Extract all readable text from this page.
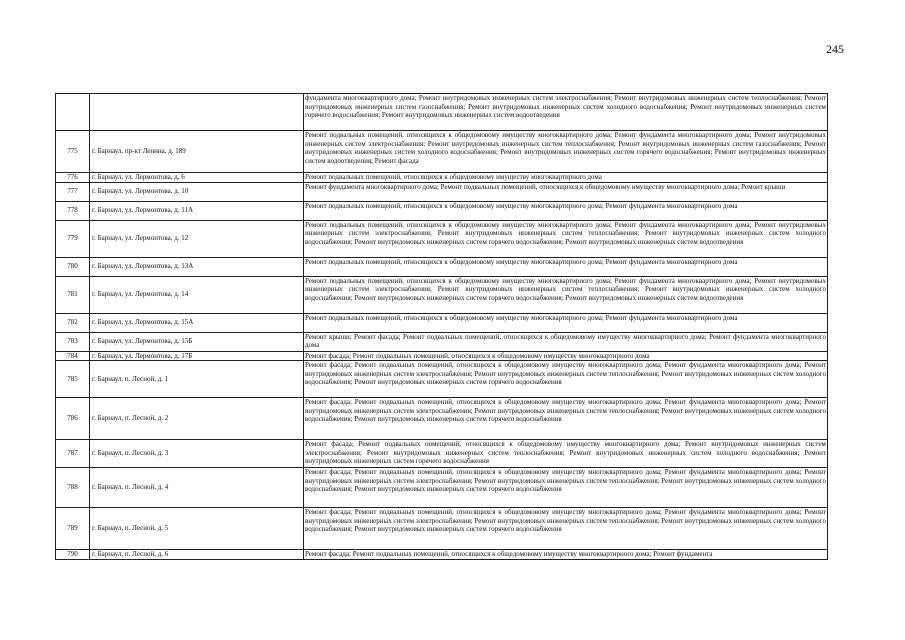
245
		фундамента многоквартирного дома; Ремонт внутридомовых инженерных систем электроснабжения; Ремонт внутридомовых инженерных систем теплоснабжения; Ремонт внутридомовых инженерных систем газоснабжения; Ремонт внутридомовых инженерных систем холодного водоснабжения; Ремонт внутридомовых инженерных систем горячего водоснабжения; Ремонт внутридомовых инженерных систем водоотведения
775	г. Барнаул, пр-кт Ленина, д. 189	Ремонт подвальных помещений, относящихся к общедомовому имуществу многоквартирного дома; Ремонт фундамента многоквартирного дома; Ремонт внутридомовых инженерных систем электроснабжения; Ремонт внутридомовых инженерных систем теплоснабжения; Ремонт внутридомовых инженерных систем газоснабжения; Ремонт внутридомовых инженерных систем холодного водоснабжения; Ремонт внутридомовых инженерных систем горячего водоснабжения; Ремонт внутридомовых инженерных систем водоотведения; Ремонт фасада
776	г. Барнаул, ул. Лермонтова, д. 6	Ремонт подвальных помещений, относящихся к общедомовому имуществу многоквартирного дома
777	г. Барнаул, ул. Лермонтова, д. 10	Ремонт фундамента многоквартирного дома; Ремонт подвальных помещений, относящихся к общедомовому имуществу многоквартирного дома; Ремонт крыши
778	г. Барнаул, ул. Лермонтова, д. 11А	Ремонт подвальных помещений, относящихся к общедомовому имуществу многоквартирного дома; Ремонт фундамента многоквартирного дома
779	г. Барнаул, ул. Лермонтова, д. 12	Ремонт подвальных помещений, относящихся к общедомовому имуществу многоквартирного дома; Ремонт фундамента многоквартирного дома; Ремонт внутридомовых инженерных систем электроснабжения; Ремонт внутридомовых инженерных систем теплоснабжения; Ремонт внутридомовых инженерных систем холодного водоснабжения; Ремонт внутридомовых инженерных систем горячего водоснабжения; Ремонт внутридомовых инженерных систем водоотведения
780	г. Барнаул, ул. Лермонтова, д. 13А	Ремонт подвальных помещений, относящихся к общедомовому имуществу многоквартирного дома; Ремонт фундамента многоквартирного дома
781	г. Барнаул, ул. Лермонтова, д. 14	Ремонт подвальных помещений, относящихся к общедомовому имуществу многоквартирного дома; Ремонт фундамента многоквартирного дома; Ремонт внутридомовых инженерных систем электроснабжения; Ремонт внутридомовых инженерных систем теплоснабжения; Ремонт внутридомовых инженерных систем холодного водоснабжения; Ремонт внутридомовых инженерных систем горячего водоснабжения; Ремонт внутридомовых инженерных систем водоотведения
782	г. Барнаул, ул. Лермонтова, д. 15А	Ремонт подвальных помещений, относящихся к общедомовому имуществу многоквартирного дома; Ремонт фундамента многоквартирного дома
783	г. Барнаул, ул. Лермонтова, д. 15Б	Ремонт крыши; Ремонт фасада; Ремонт подвальных помещений, относящихся к общедомовому имуществу многоквартирного дома; Ремонт фундамента многоквартирного дома
784	г. Барнаул, ул. Лермонтова, д. 17Б	Ремонт фасада; Ремонт подвальных помещений, относящихся к общедомовому имуществу многоквартирного дома
785	г. Барнаул, п. Лесной, д. 1	Ремонт фасада; Ремонт подвальных помещений, относящихся к общедомовому имуществу многоквартирного дома; Ремонт фундамента многоквартирного дома; Ремонт внутридомовых инженерных систем электроснабжения; Ремонт внутридомовых инженерных систем теплоснабжения; Ремонт внутридомовых инженерных систем холодного водоснабжения; Ремонт внутридомовых инженерных систем горячего водоснабжения
786	г. Барнаул, п. Лесной, д. 2	Ремонт фасада; Ремонт подвальных помещений, относящихся к общедомовому имуществу многоквартирного дома; Ремонт фундамента многоквартирного дома; Ремонт внутридомовых инженерных систем электроснабжения; Ремонт внутридомовых инженерных систем теплоснабжения; Ремонт внутридомовых инженерных систем холодного водоснабжения; Ремонт внутридомовых инженерных систем горячего водоснабжения
787	г. Барнаул, п. Лесной, д. 3	Ремонт фасада; Ремонт подвальных помещений, относящихся к общедомовому имуществу многоквартирного дома; Ремонт внутридомовых инженерных систем электроснабжения; Ремонт внутридомовых инженерных систем теплоснабжения; Ремонт внутридомовых инженерных систем холодного водоснабжения; Ремонт внутридомовых инженерных систем горячего водоснабжения
788	г. Барнаул, п. Лесной, д. 4	Ремонт фасада; Ремонт подвальных помещений, относящихся к общедомовому имуществу многоквартирного дома; Ремонт фундамента многоквартирного дома; Ремонт внутридомовых инженерных систем электроснабжения; Ремонт внутридомовых инженерных систем теплоснабжения; Ремонт внутридомовых инженерных систем холодного водоснабжения; Ремонт внутридомовых инженерных систем горячего водоснабжения
789	г. Барнаул, п. Лесной, д. 5	Ремонт фасада; Ремонт подвальных помещений, относящихся к общедомовому имуществу многоквартирного дома; Ремонт фундамента многоквартирного дома; Ремонт внутридомовых инженерных систем электроснабжения; Ремонт внутридомовых инженерных систем теплоснабжения; Ремонт внутридомовых инженерных систем холодного водоснабжения; Ремонт внутридомовых инженерных систем горячего водоснабжения
790	г. Барнаул, п. Лесной, д. 6	Ремонт фасада; Ремонт подвальных помещений, относящихся к общедомовому имуществу многоквартирного дома; Ремонт фундамента
